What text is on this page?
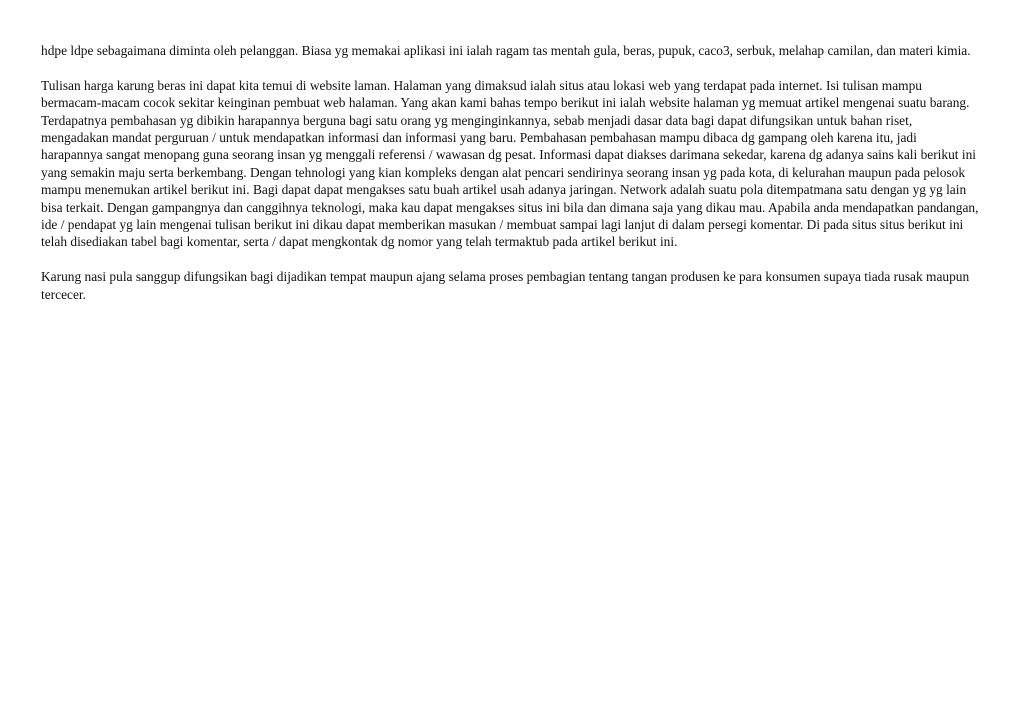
hdpe ldpe sebagaimana diminta oleh pelanggan. Biasa yg memakai aplikasi ini ialah ragam tas mentah gula, beras, pupuk, caco3, serbuk, melahap camilan, dan materi kimia.

Tulisan harga karung beras ini dapat kita temui di website laman. Halaman yang dimaksud ialah situs atau lokasi web yang terdapat pada internet. Isi tulisan mampu bermacam-macam cocok sekitar keinginan pembuat web halaman. Yang akan kami bahas tempo berikut ini ialah website halaman yg memuat artikel mengenai suatu barang. Terdapatnya pembahasan yg dibikin harapannya berguna bagi satu orang yg menginginkannya, sebab menjadi dasar data bagi dapat difungsikan untuk bahan riset, mengadakan mandat perguruan / untuk mendapatkan informasi dan informasi yang baru. Pembahasan pembahasan mampu dibaca dg gampang oleh karena itu, jadi harapannya sangat menopang guna seorang insan yg menggali referensi / wawasan dg pesat. Informasi dapat diakses darimana sekedar, karena dg adanya sains kali berikut ini yang semakin maju serta berkembang. Dengan tehnologi yang kian kompleks dengan alat pencari sendirinya seorang insan yg pada kota, di kelurahan maupun pada pelosok mampu menemukan artikel berikut ini. Bagi dapat dapat mengakses satu buah artikel usah adanya jaringan. Network adalah suatu pola ditempatmana satu dengan yg yg lain bisa terkait. Dengan gampangnya dan canggihnya teknologi, maka kau dapat mengakses situs ini bila dan dimana saja yang dikau mau. Apabila anda mendapatkan pandangan, ide / pendapat yg lain mengenai tulisan berikut ini dikau dapat memberikan masukan / membuat sampai lagi lanjut di dalam persegi komentar. Di pada situs situs berikut ini telah disediakan tabel bagi komentar, serta / dapat mengkontak dg nomor yang telah termaktub pada artikel berikut ini.

Karung nasi pula sanggup difungsikan bagi dijadikan tempat maupun ajang selama proses pembagian tentang tangan produsen ke para konsumen supaya tiada rusak maupun tercecer.
